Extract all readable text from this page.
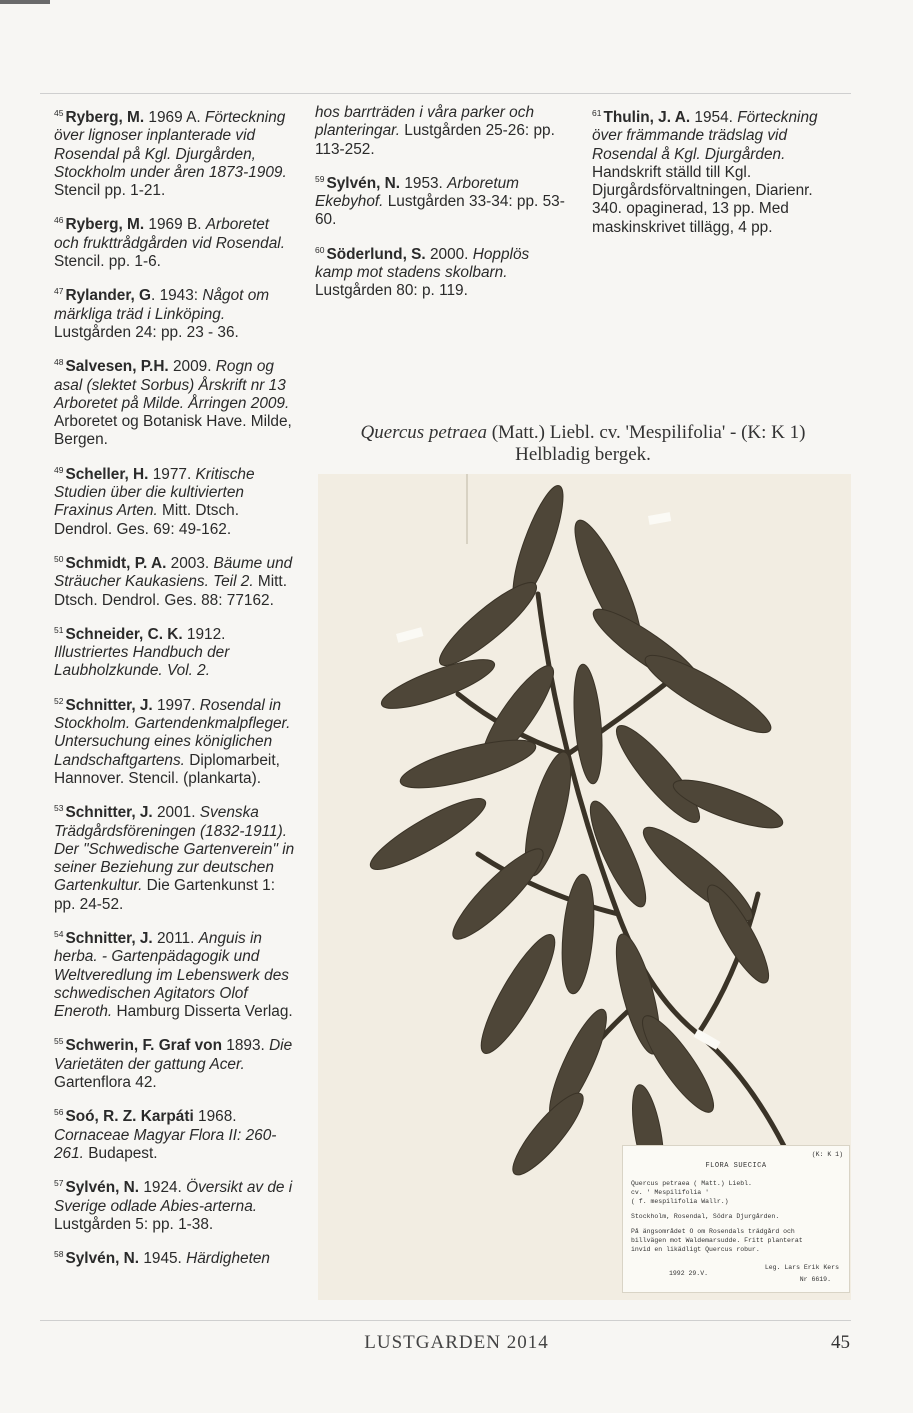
$^{45}$ Ryberg, M. 1969 A. Förteckning över lignoser inplanterade vid Rosendal på Kgl. Djurgården, Stockholm under åren 1873-1909. Stencil pp. 1-21.

$^{46}$ Ryberg, M. 1969 B. Arboretet och frukttrådgården vid Rosendal. Stencil. pp. 1-6.

$^{47}$ Rylander, G. 1943: Något om märkliga träd i Linköping. Lustgården 24: pp. 23 - 36.

$^{48}$ Salvesen, P.H. 2009. Rogn og asal (slektet Sorbus) Årskrift nr 13 Arboretet på Milde. Årringen 2009. Arboretet og Botanisk Have. Milde, Bergen.

$^{49}$ Scheller, H. 1977. Kritische Studien über die kultivierten Fraxinus Arten. Mitt. Dtsch. Dendrol. Ges. 69: 49-162.

$^{50}$ Schmidt, P. A. 2003. Bäume und Sträucher Kaukasiens. Teil 2. Mitt. Dtsch. Dendrol. Ges. 88: 77162.

$^{51}$ Schneider, C. K. 1912. Illustriertes Handbuch der Laubholzkunde. Vol. 2.

$^{52}$ Schnitter, J. 1997. Rosendal in Stockholm. Gartendenkmalpfleger. Untersuchung eines königlichen Landschaftgartens. Diplomarbeit, Hannover. Stencil. (plankarta).

$^{53}$ Schnitter, J. 2001. Svenska Trädgårdsföreningen (1832-1911). Der "Schwedische Gartenverein" in seiner Beziehung zur deutschen Gartenkultur. Die Gartenkunst 1: pp. 24-52.

$^{54}$ Schnitter, J. 2011. Anguis in herba. - Gartenpädagogik und Weltveredlung im Lebenswerk des schwedischen Agitators Olof Eneroth. Hamburg Disserta Verlag.

$^{55}$ Schwerin, F. Graf von 1893. Die Varietäten der gattung Acer. Gartenflora 42.

$^{56}$ Soó, R. Z. Karpáti 1968. Cornaceae Magyar Flora II: 260-261. Budapest.

$^{57}$ Sylvén, N. 1924. Översikt av de i Sverige odlade Abies-arterna. Lustgården 5: pp. 1-38.

$^{58}$ Sylvén, N. 1945. Härdigheten

hos barrträden i våra parker och planteringar. Lustgården 25-26: pp. 113-252.

$^{59}$ Sylvén, N. 1953. Arboretum Ekebyhof. Lustgården 33-34: pp. 53-60.

$^{60}$ Söderlund, S. 2000. Hopplös kamp mot stadens skolbarn. Lustgården 80: p. 119.

$^{61}$ Thulin, J. A. 1954. Förteckning över främmande trädslag vid Rosendal å Kgl. Djurgården. Handskrift ställd till Kgl. Djurgårdsförvaltningen, Diarienr. 340. opaginerad, 13 pp. Med maskinskrivet tillägg, 4 pp.

Quercus petraea (Matt.) Liebl. cv. 'Mespilifolia' - (K: K 1)
Helbladig bergek.
(K: K 1)
FLORA SUECICA
Quercus petraea ( Matt.) Liebl.
cv. ' Mespilifolia '
( f. mespilifolia Wallr.)
Stockholm, Rosendal, Södra Djurgården.
På ängsområdet O om Rosendals trädgård och
billvägen mot Waldemarsudde. Fritt planterat
invid en likädligt Quercus robur.
1992 29.V.
Leg. Lars Erik Kers
Nr 6619.
LUSTGARDEN 2014	45
